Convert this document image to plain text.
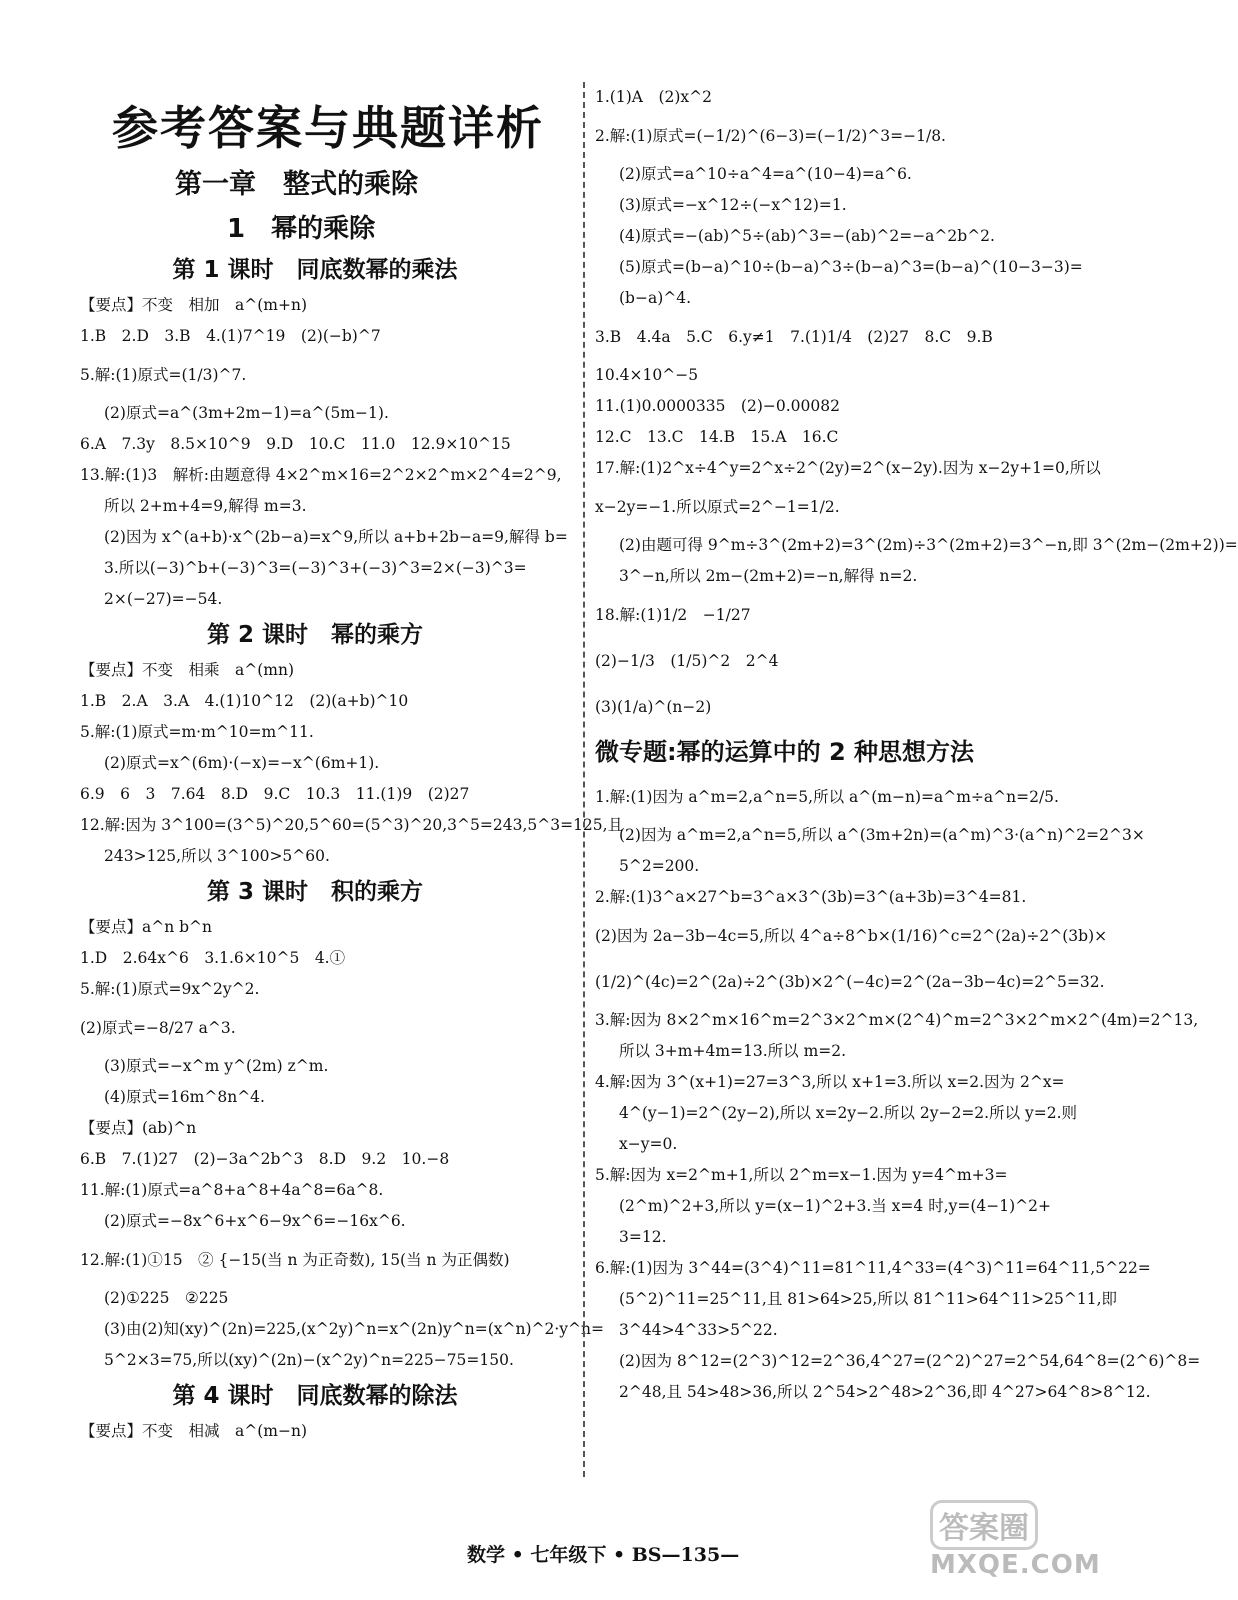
参考答案与典题详析
第一章　整式的乘除
1　幂的乘除
第 1 课时　同底数幂的乘法
【要点】不变　相加　a^(m+n)
1.B　2.D　3.B　4.(1)7^19　(2)(−b)^7
5.解:(1)原式=(1/3)^7.
(2)原式=a^(3m+2m−1)=a^(5m−1).
6.A　7.3y　8.5×10^9　9.D　10.C　11.0　12.9×10^15
13.解:(1)3　解析:由题意得 4×2^m×16=2^2×2^m×2^4=2^9,
所以 2+m+4=9,解得 m=3.
(2)因为 x^(a+b)·x^(2b−a)=x^9,所以 a+b+2b−a=9,解得 b=
3.所以(−3)^b+(−3)^3=(−3)^3+(−3)^3=2×(−3)^3=
2×(−27)=−54.
第 2 课时　幂的乘方
【要点】不变　相乘　a^(mn)
1.B　2.A　3.A　4.(1)10^12　(2)(a+b)^10
5.解:(1)原式=m·m^10=m^11.
(2)原式=x^(6m)·(−x)=−x^(6m+1).
6.9　6　3　7.64　8.D　9.C　10.3　11.(1)9　(2)27
12.解:因为 3^100=(3^5)^20,5^60=(5^3)^20,3^5=243,5^3=125,且
243>125,所以 3^100>5^60.
第 3 课时　积的乘方
【要点】a^n b^n
1.D　2.64x^6　3.1.6×10^5　4.①
5.解:(1)原式=9x^2y^2.
(2)原式=−8/27 a^3.
(3)原式=−x^m y^(2m) z^m.
(4)原式=16m^8n^4.
【要点】(ab)^n
6.B　7.(1)27　(2)−3a^2b^3　8.D　9.2　10.−8
11.解:(1)原式=a^8+a^8+4a^8=6a^8.
(2)原式=−8x^6+x^6−9x^6=−16x^6.
12.解:(1)①15　② {−15(当 n 为正奇数), 15(当 n 为正偶数)
(2)①225　②225
(3)由(2)知(xy)^(2n)=225,(x^2y)^n=x^(2n)y^n=(x^n)^2·y^n=
5^2×3=75,所以(xy)^(2n)−(x^2y)^n=225−75=150.
第 4 课时　同底数幂的除法
【要点】不变　相减　a^(m−n)
1.(1)A　(2)x^2
2.解:(1)原式=(−1/2)^(6−3)=(−1/2)^3=−1/8.
(2)原式=a^10÷a^4=a^(10−4)=a^6.
(3)原式=−x^12÷(−x^12)=1.
(4)原式=−(ab)^5÷(ab)^3=−(ab)^2=−a^2b^2.
(5)原式=(b−a)^10÷(b−a)^3÷(b−a)^3=(b−a)^(10−3−3)=
(b−a)^4.
3.B　4.4a　5.C　6.y≠1　7.(1)1/4　(2)27　8.C　9.B
10.4×10^−5
11.(1)0.0000335　(2)−0.00082
12.C　13.C　14.B　15.A　16.C
17.解:(1)2^x÷4^y=2^x÷2^(2y)=2^(x−2y).因为 x−2y+1=0,所以
x−2y=−1.所以原式=2^−1=1/2.
(2)由题可得 9^m÷3^(2m+2)=3^(2m)÷3^(2m+2)=3^−n,即 3^(2m−(2m+2))=
3^−n,所以 2m−(2m+2)=−n,解得 n=2.
18.解:(1)1/2　−1/27
(2)−1/3　(1/5)^2　2^4
(3)(1/a)^(n−2)
微专题:幂的运算中的 2 种思想方法
1.解:(1)因为 a^m=2,a^n=5,所以 a^(m−n)=a^m÷a^n=2/5.
(2)因为 a^m=2,a^n=5,所以 a^(3m+2n)=(a^m)^3·(a^n)^2=2^3×
5^2=200.
2.解:(1)3^a×27^b=3^a×3^(3b)=3^(a+3b)=3^4=81.
(2)因为 2a−3b−4c=5,所以 4^a÷8^b×(1/16)^c=2^(2a)÷2^(3b)×
(1/2)^(4c)=2^(2a)÷2^(3b)×2^(−4c)=2^(2a−3b−4c)=2^5=32.
3.解:因为 8×2^m×16^m=2^3×2^m×(2^4)^m=2^3×2^m×2^(4m)=2^13,
所以 3+m+4m=13.所以 m=2.
4.解:因为 3^(x+1)=27=3^3,所以 x+1=3.所以 x=2.因为 2^x=
4^(y−1)=2^(2y−2),所以 x=2y−2.所以 2y−2=2.所以 y=2.则
x−y=0.
5.解:因为 x=2^m+1,所以 2^m=x−1.因为 y=4^m+3=
(2^m)^2+3,所以 y=(x−1)^2+3.当 x=4 时,y=(4−1)^2+
3=12.
6.解:(1)因为 3^44=(3^4)^11=81^11,4^33=(4^3)^11=64^11,5^22=
(5^2)^11=25^11,且 81>64>25,所以 81^11>64^11>25^11,即
3^44>4^33>5^22.
(2)因为 8^12=(2^3)^12=2^36,4^27=(2^2)^27=2^54,64^8=(2^6)^8=
2^48,且 54>48>36,所以 2^54>2^48>2^36,即 4^27>64^8>8^12.
数学 • 七年级下 • BS—135—
答案圈
MXQE.COM
